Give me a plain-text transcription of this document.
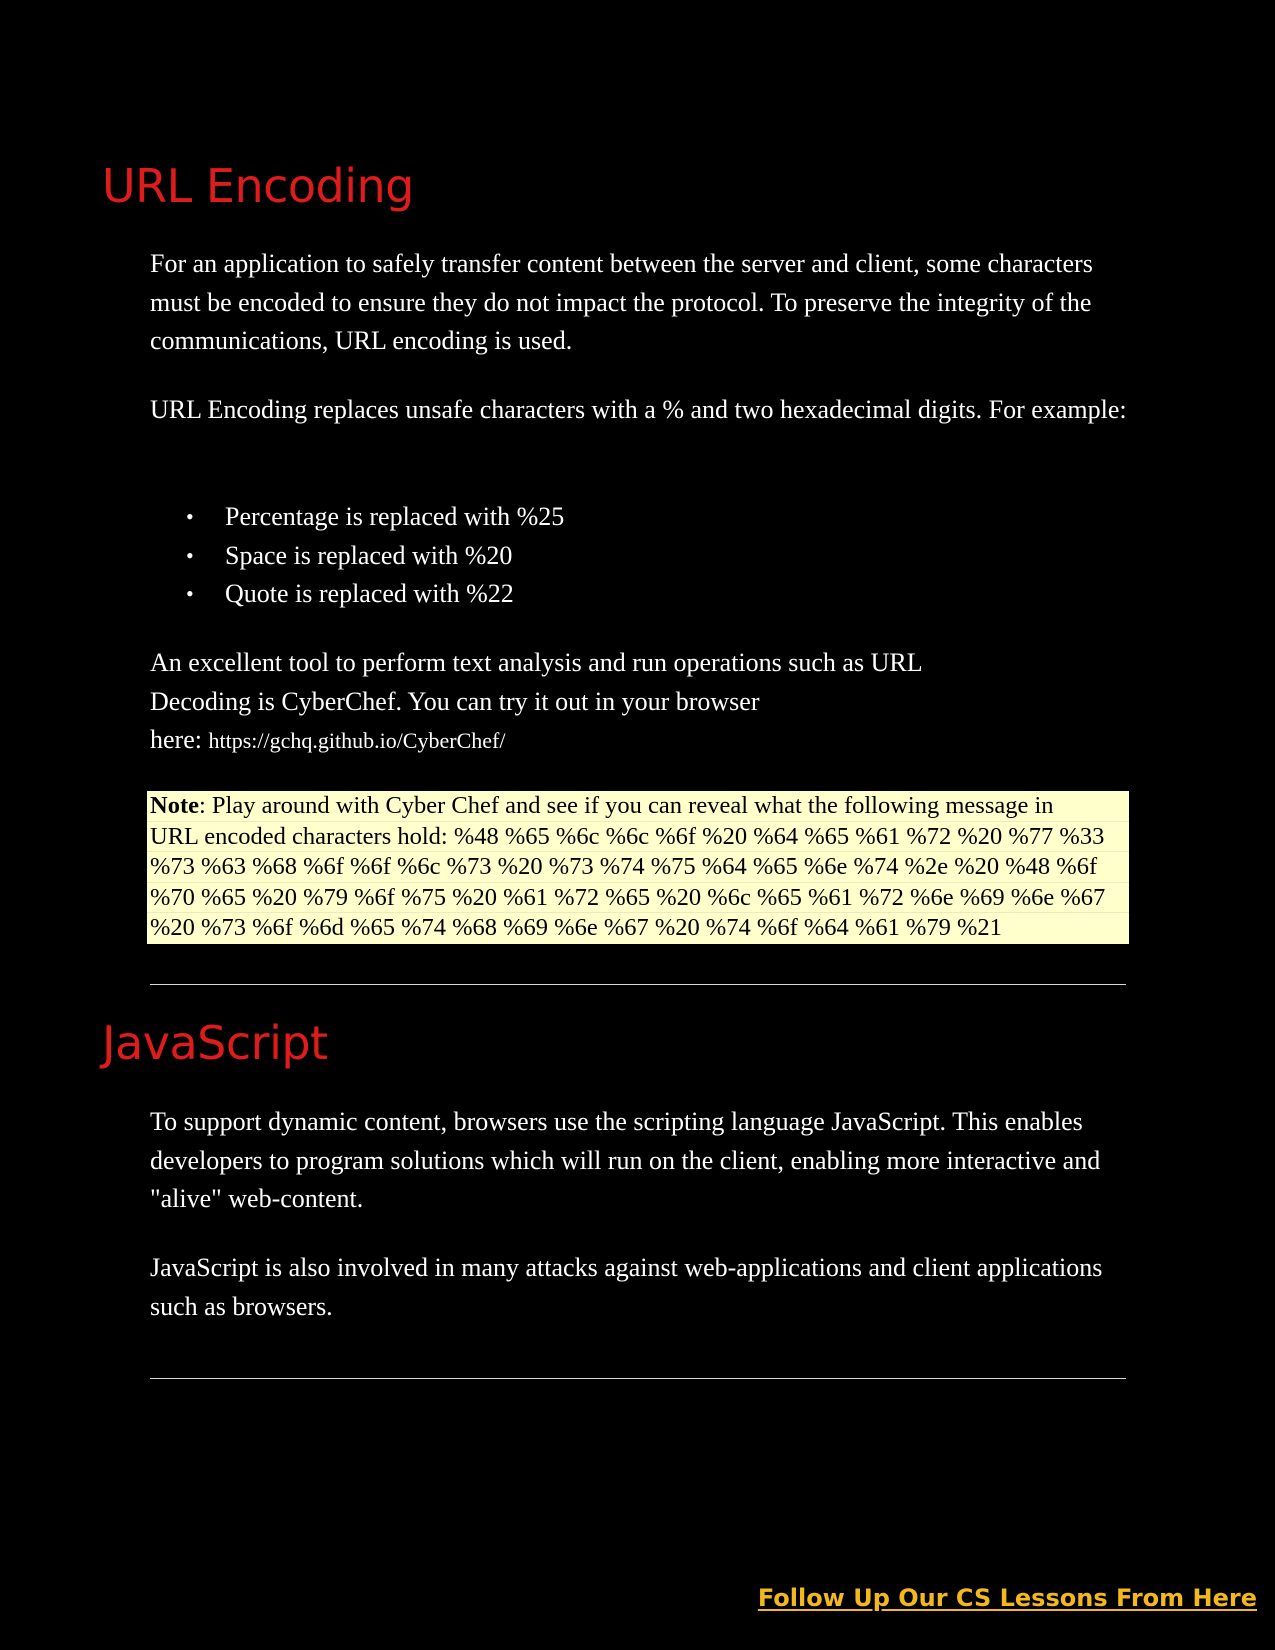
URL Encoding

For an application to safely transfer content between the server and client, some characters must be encoded to ensure they do not impact the protocol. To preserve the integrity of the communications, URL encoding is used.

URL Encoding replaces unsafe characters with a % and two hexadecimal digits. For example:

• Percentage is replaced with %25
• Space is replaced with %20
• Quote is replaced with %22
An excellent tool to perform text analysis and run operations such as URL
Decoding is CyberChef. You can try it out in your browser
here: https://gchq.github.io/CyberChef/
Note: Play around with Cyber Chef and see if you can reveal what the following message in
URL encoded characters hold: %48 %65 %6c %6c %6f %20 %64 %65 %61 %72 %20 %77 %33
%73 %63 %68 %6f %6f %6c %73 %20 %73 %74 %75 %64 %65 %6e %74 %2e %20 %48 %6f
%70 %65 %20 %79 %6f %75 %20 %61 %72 %65 %20 %6c %65 %61 %72 %6e %69 %6e %67
%20 %73 %6f %6d %65 %74 %68 %69 %6e %67 %20 %74 %6f %64 %61 %79 %21
JavaScript

To support dynamic content, browsers use the scripting language JavaScript. This enables developers to program solutions which will run on the client, enabling more interactive and "alive" web-content.

JavaScript is also involved in many attacks against web-applications and client applications such as browsers.

Follow Up Our CS Lessons From Here
